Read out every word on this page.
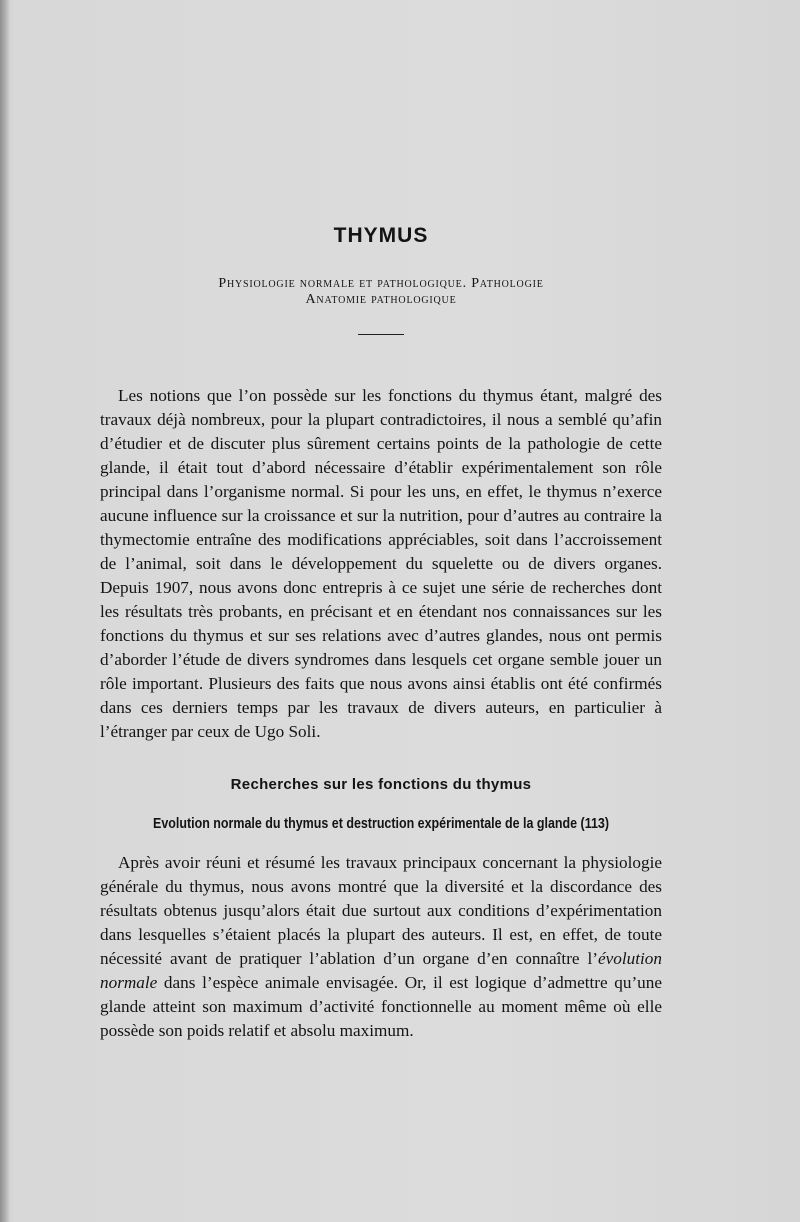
THYMUS
Physiologie normale et pathologique. Pathologie
Anatomie pathologique

Les notions que l’on possède sur les fonctions du thymus étant, malgré des travaux déjà nombreux, pour la plupart contradictoires, il nous a semblé qu’afin d’étudier et de discuter plus sûrement certains points de la pathologie de cette glande, il était tout d’abord nécessaire d’établir expérimentalement son rôle principal dans l’organisme normal. Si pour les uns, en effet, le thymus n’exerce aucune influence sur la croissance et sur la nutrition, pour d’autres au contraire la thymectomie entraîne des modifications appréciables, soit dans l’accroissement de l’animal, soit dans le développement du squelette ou de divers organes. Depuis 1907, nous avons donc entrepris à ce sujet une série de recherches dont les résultats très probants, en précisant et en étendant nos connaissances sur les fonctions du thymus et sur ses relations avec d’autres glandes, nous ont permis d’aborder l’étude de divers syndromes dans lesquels cet organe semble jouer un rôle important. Plusieurs des faits que nous avons ainsi établis ont été confirmés dans ces derniers temps par les travaux de divers auteurs, en particulier à l’étranger par ceux de Ugo Soli.

Recherches sur les fonctions du thymus
Evolution normale du thymus et destruction expérimentale de la glande (113)

Après avoir réuni et résumé les travaux principaux concernant la physiologie générale du thymus, nous avons montré que la diversité et la discordance des résultats obtenus jusqu’alors était due surtout aux conditions d’expérimentation dans lesquelles s’étaient placés la plupart des auteurs. Il est, en effet, de toute nécessité avant de pratiquer l’ablation d’un organe d’en connaître l’évolution normale dans l’espèce animale envisagée. Or, il est logique d’admettre qu’une glande atteint son maximum d’activité fonctionnelle au moment même où elle possède son poids relatif et absolu maximum.
